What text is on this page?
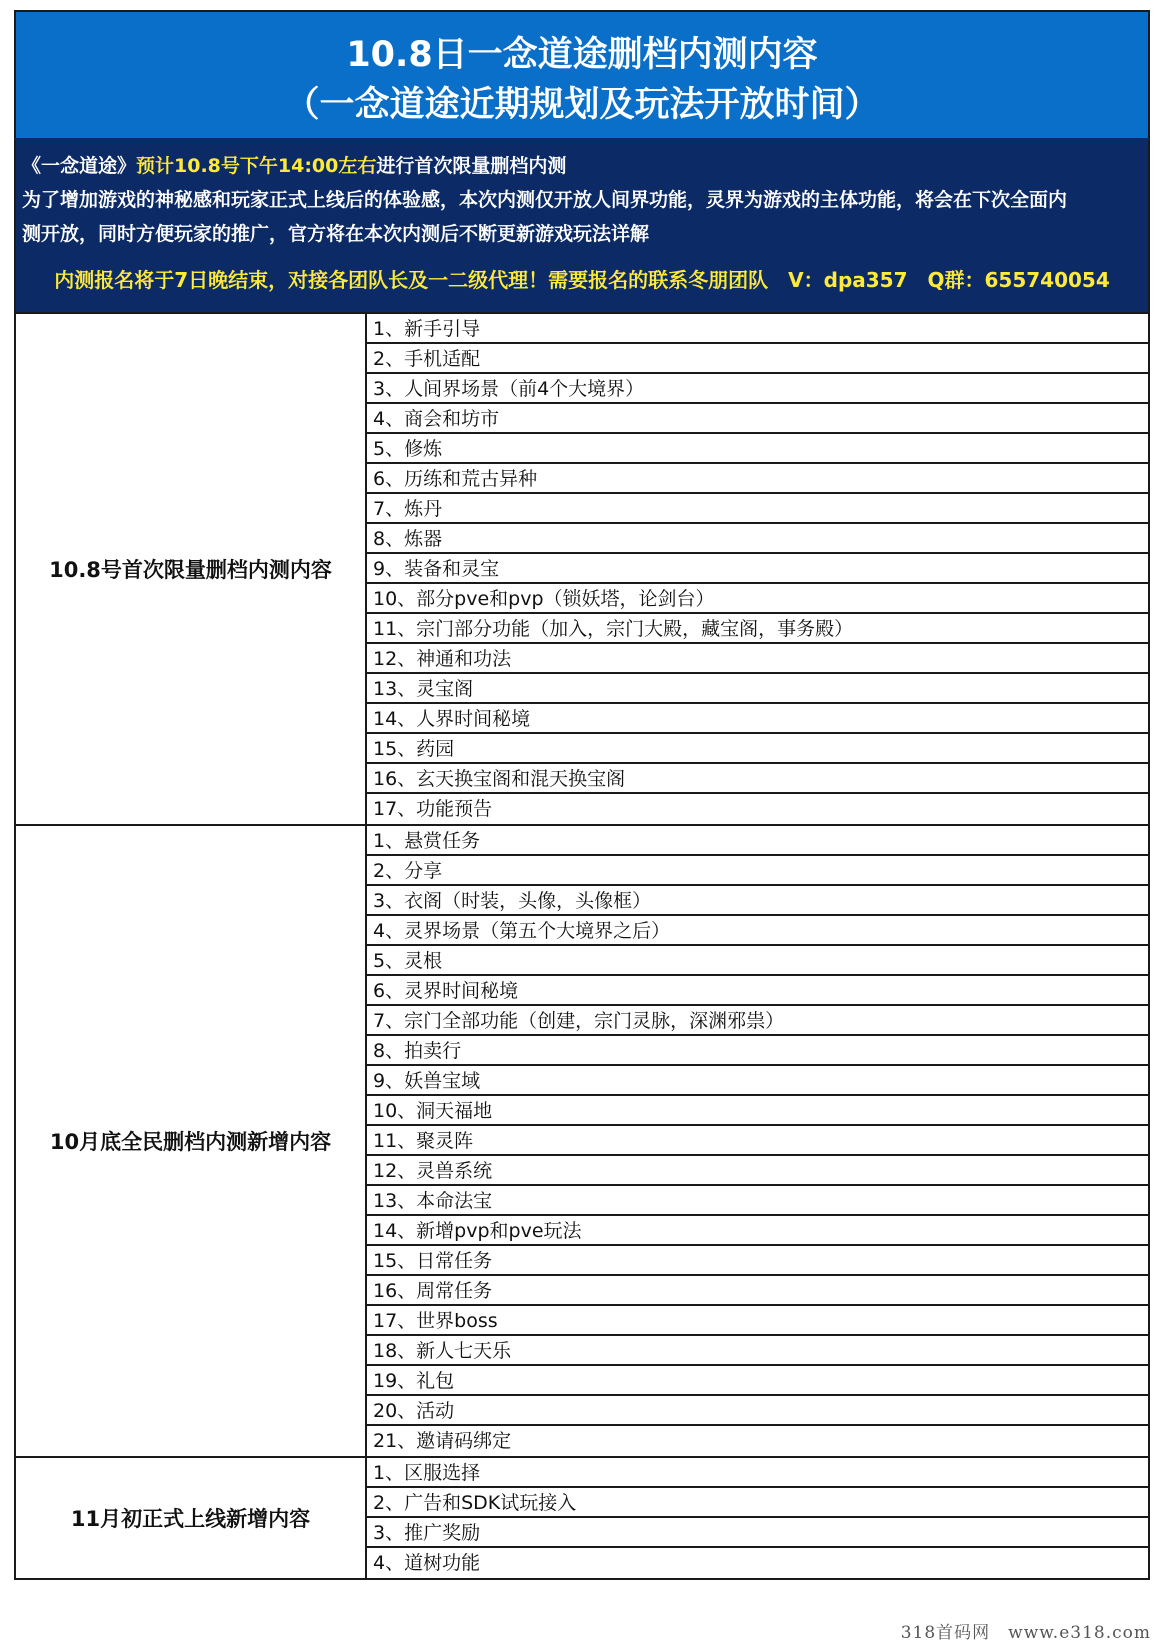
10.8日一念道途删档内测内容
（一念道途近期规划及玩法开放时间）
《一念道途》预计10.8号下午14:00左右进行首次限量删档内测
为了增加游戏的神秘感和玩家正式上线后的体验感，本次内测仅开放人间界功能，灵界为游戏的主体功能，将会在下次全面内
测开放，同时方便玩家的推广，官方将在本次内测后不断更新游戏玩法详解
内测报名将于7日晚结束，对接各团队长及一二级代理！需要报名的联系冬朋团队　V：dpa357　Q群：655740054
10.8号首次限量删档内测内容
1、新手引导
2、手机适配
3、人间界场景（前4个大境界）
4、商会和坊市
5、修炼
6、历练和荒古异种
7、炼丹
8、炼器
9、装备和灵宝
10、部分pve和pvp（锁妖塔，论剑台）
11、宗门部分功能（加入，宗门大殿，藏宝阁，事务殿）
12、神通和功法
13、灵宝阁
14、人界时间秘境
15、药园
16、玄天换宝阁和混天换宝阁
17、功能预告
10月底全民删档内测新增内容
1、悬赏任务
2、分享
3、衣阁（时装，头像，头像框）
4、灵界场景（第五个大境界之后）
5、灵根
6、灵界时间秘境
7、宗门全部功能（创建，宗门灵脉，深渊邪祟）
8、拍卖行
9、妖兽宝域
10、洞天福地
11、聚灵阵
12、灵兽系统
13、本命法宝
14、新增pvp和pve玩法
15、日常任务
16、周常任务
17、世界boss
18、新人七天乐
19、礼包
20、活动
21、邀请码绑定
11月初正式上线新增内容
1、区服选择
2、广告和SDK试玩接入
3、推广奖励
4、道树功能
318首码网　www.e318.com
